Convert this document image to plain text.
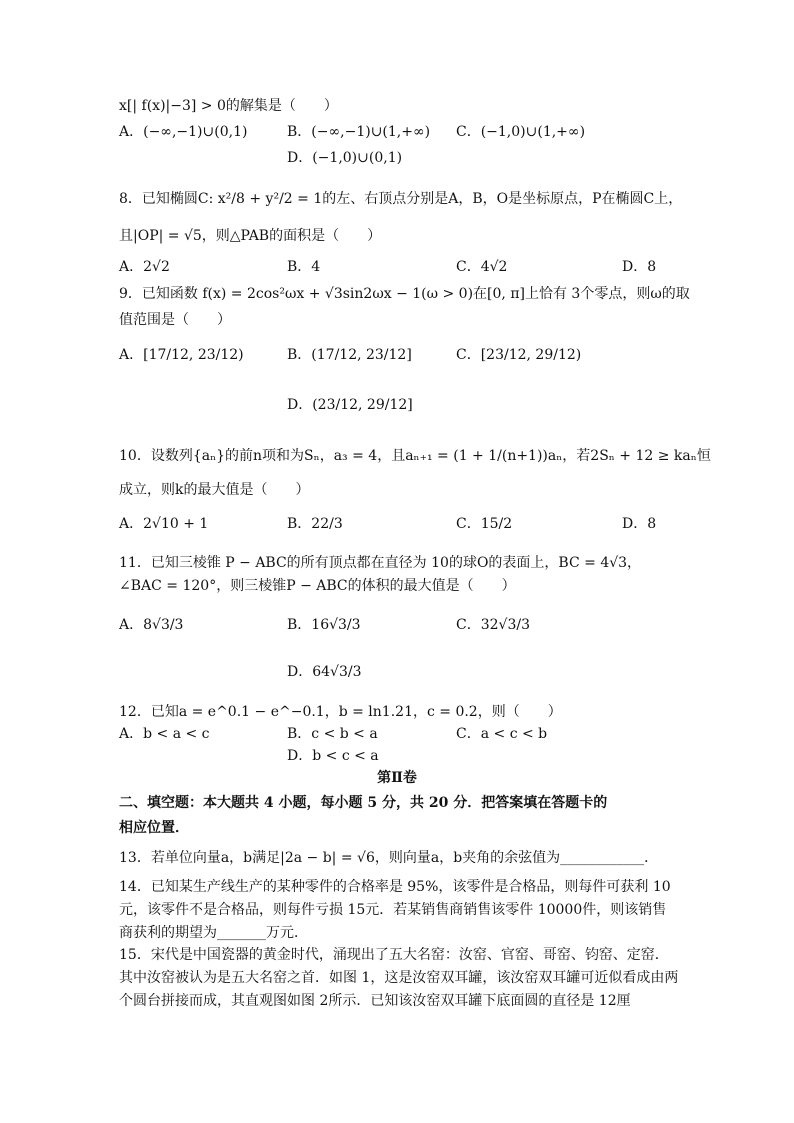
x[| f(x)|−3] > 0的解集是（　　）
A．(−∞,−1)∪(0,1)	B．(−∞,−1)∪(1,+∞) C．(−1,0)∪(1,+∞)
D．(−1,0)∪(0,1)
8．已知椭圆C: x²/8 + y²/2 = 1的左、右顶点分别是A，B，O是坐标原点，P在椭圆C上，
且|OP| = √5，则△PAB的面积是（　　）
A．2√2	B．4	C．4√2	D．8
9．已知函数 f(x) = 2cos²ωx + √3sin2ωx − 1(ω > 0)在[0, π]上恰有 3个零点，则ω的取
值范围是（　　）
A．[17/12, 23/12)	B．(17/12, 23/12]	C．[23/12, 29/12)
D．(23/12, 29/12]
10．设数列{aₙ}的前n项和为Sₙ，a₃ = 4，且aₙ₊₁ = (1 + 1/(n+1))aₙ，若2Sₙ + 12 ≥ kaₙ恒
成立，则k的最大值是（　　）
A．2√10 + 1	B．22/3	C．15/2	D．8
11．已知三棱锥 P − ABC的所有顶点都在直径为 10的球O的表面上，BC = 4√3，
∠BAC = 120°，则三棱锥P − ABC的体积的最大值是（　　）
A．8√3/3	B．16√3/3	C．32√3/3
D．64√3/3
12．已知a = e^0.1 − e^−0.1，b = ln1.21，c = 0.2，则（　　）
A．b < a < c	B．c < b < a	C．a < c < b
D．b < c < a
第Ⅱ卷
二、填空题：本大题共 4 小题，每小题 5 分，共 20 分．把答案填在答题卡的
相应位置．
13．若单位向量a，b满足|2a − b| = √6，则向量a，b夹角的余弦值为____________．
14．已知某生产线生产的某种零件的合格率是 95%，该零件是合格品，则每件可获利 10元，该零件不是合格品，则每件亏损 15元．若某销售商销售该零件 10000件，则该销售商获利的期望为_______万元．
15．宋代是中国瓷器的黄金时代，涌现出了五大名窑：汝窑、官窑、哥窑、钧窑、定窑．其中汝窑被认为是五大名窑之首．如图 1，这是汝窑双耳罐，该汝窑双耳罐可近似看成由两个圆台拼接而成，其直观图如图 2所示．已知该汝窑双耳罐下底面圆的直径是 12厘
